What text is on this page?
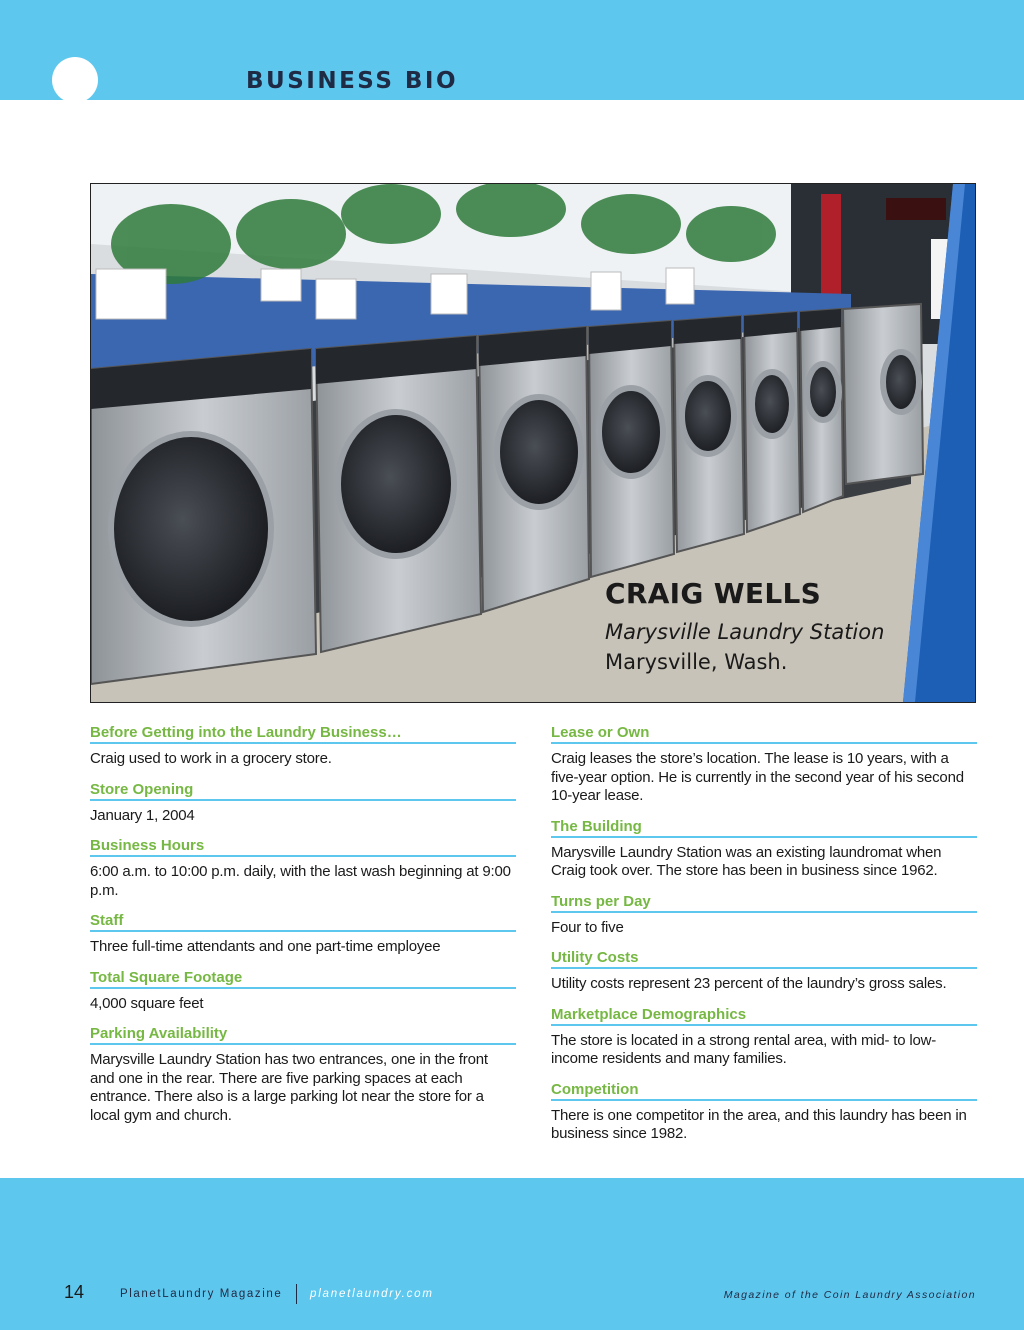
BUSINESS BIO
CRAIG WELLS
Marysville Laundry Station
Marysville, Wash.
Before Getting into the Laundry Business…
Craig used to work in a grocery store.
Store Opening
January 1, 2004
Business Hours
6:00 a.m. to 10:00 p.m. daily, with the last wash beginning at 9:00 p.m.
Staff
Three full-time attendants and one part-time employee
Total Square Footage
4,000 square feet
Parking Availability
Marysville Laundry Station has two entrances, one in the front and one in the rear. There are five parking spaces at each entrance. There also is a large parking lot near the store for a local gym and church.
Lease or Own
Craig leases the store’s location. The lease is 10 years, with a five-year option. He is currently in the second year of his second 10-year lease.
The Building
Marysville Laundry Station was an existing laundromat when Craig took over. The store has been in business since 1962.
Turns per Day
Four to five
Utility Costs
Utility costs represent 23 percent of the laundry’s gross sales.
Marketplace Demographics
The store is located in a strong rental area, with mid- to low-income residents and many families.
Competition
There is one competitor in the area, and this laundry has been in business since 1982.
14	PlanetLaundry Magazine planetlaundry.com	Magazine of the Coin Laundry Association
